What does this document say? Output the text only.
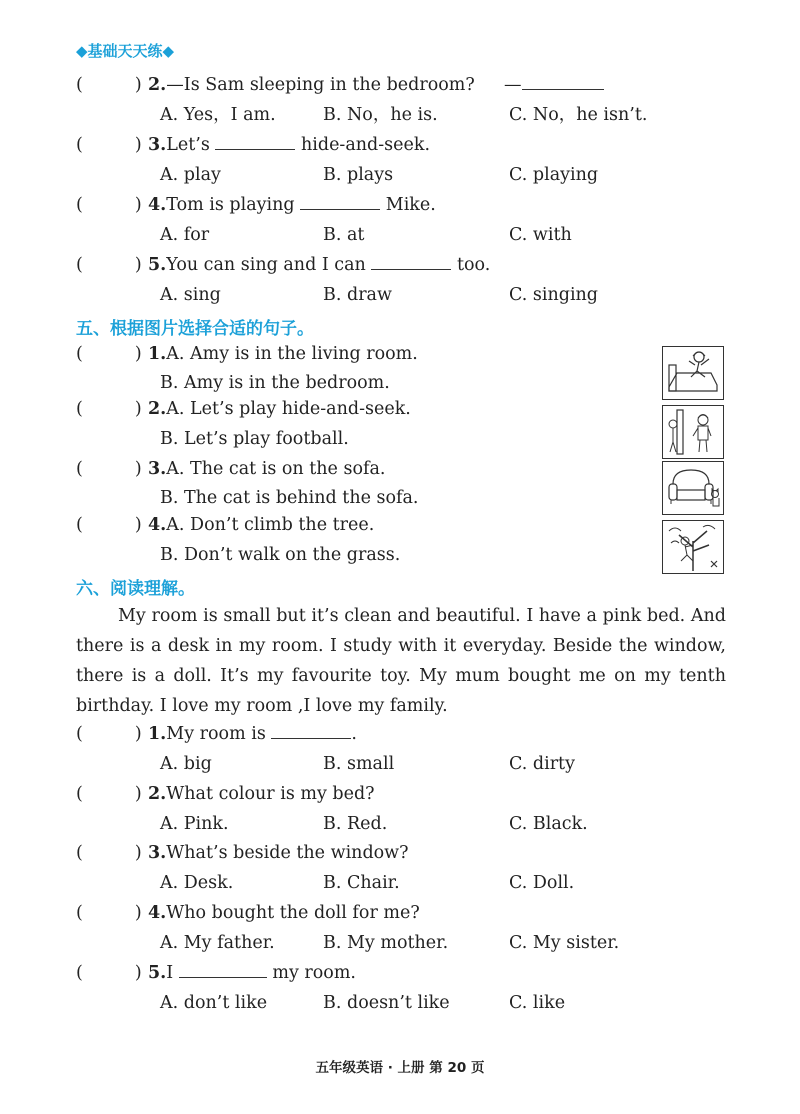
◆基础天天练◆
(	) 2.—Is Sam sleeping in the bedroom? —
A. Yes，I am.	B. No，he is.	C. No，he isn’t.
(	) 3.Let’s	hide-and-seek.
A. play	B. plays	C. playing
(	) 4.Tom is playing	Mike.
A. for	B. at	C. with
(	) 5.You can sing and I can	too.
A. sing	B. draw	C. singing
五、根据图片选择合适的句子。
(	) 1.A. Amy is in the living room.
B. Amy is in the bedroom.
(	) 2.A. Let’s play hide-and-seek.
B. Let’s play football.
(	) 3.A. The cat is on the sofa.
B. The cat is behind the sofa.
(	) 4.A. Don’t climb the tree.
B. Don’t walk on the grass.
六、阅读理解。
My room is small but it’s clean and beautiful. I have a pink bed. And there is a desk in my room. I study with it everyday. Beside the window, there is a doll. It’s my favourite toy. My mum bought me on my tenth birthday. I love my room ,I love my family.
(	) 1.My room is	.
A. big	B. small	C. dirty
(	) 2.What colour is my bed?
A. Pink.	B. Red.	C. Black.
(	) 3.What’s beside the window?
A. Desk.	B. Chair.	C. Doll.
(	) 4.Who bought the doll for me?
A. My father.	B. My mother.	C. My sister.
(	) 5.I	my room.
A. don’t like	B. doesn’t like	C. like
五年级英语 · 上册 第 20 页
